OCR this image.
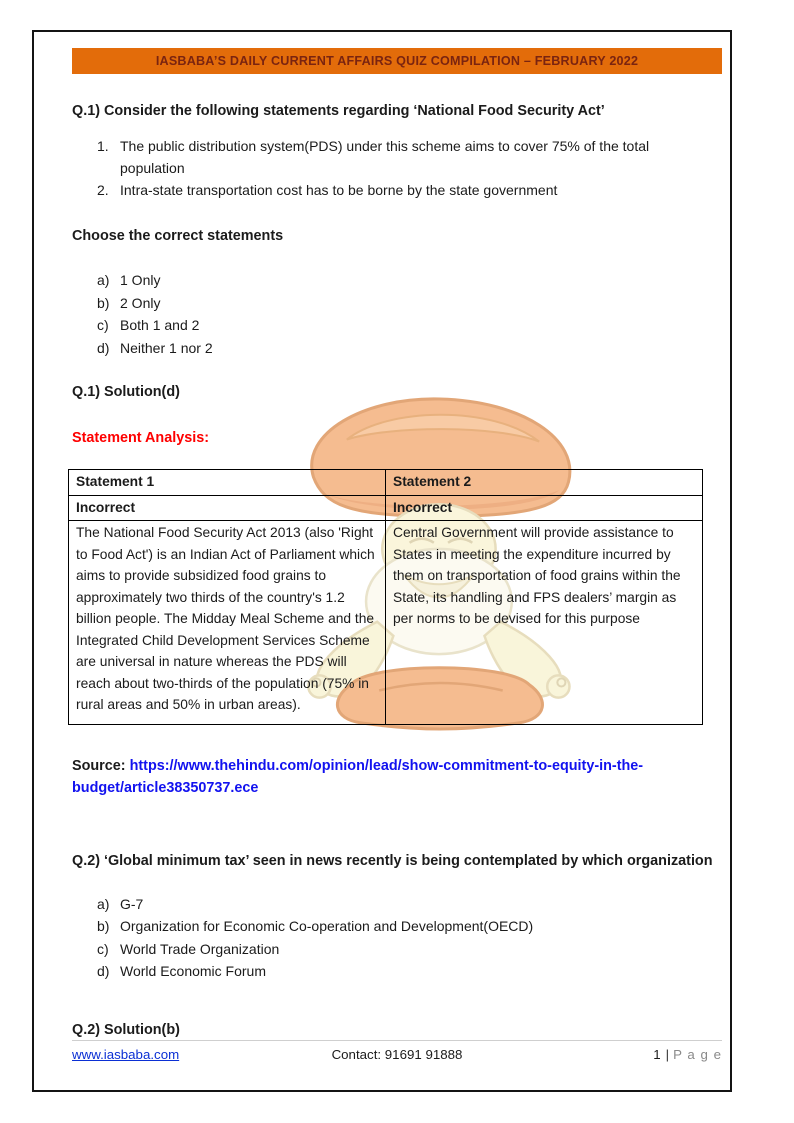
IASBABA’S DAILY CURRENT AFFAIRS QUIZ COMPILATION – FEBRUARY 2022
Q.1) Consider the following statements regarding ‘National Food Security Act’
1. The public distribution system(PDS) under this scheme aims to cover 75% of the total population
2. Intra-state transportation cost has to be borne by the state government
Choose the correct statements
a) 1 Only
b) 2 Only
c) Both 1 and 2
d) Neither 1 nor 2
Q.1) Solution(d)
Statement Analysis:
Statement 1	Statement 2
Incorrect	Incorrect
The National Food Security Act 2013 (also 'Right to Food Act') is an Indian Act of Parliament which aims to provide subsidized food grains to approximately two thirds of the country's 1.2 billion people. The Midday Meal Scheme and the Integrated Child Development Services Scheme are universal in nature whereas the PDS will reach about two-thirds of the population (75% in rural areas and 50% in urban areas).	Central Government will provide assistance to States in meeting the expenditure incurred by them on transportation of food grains within the State, its handling and FPS dealers’ margin as per norms to be devised for this purpose
Source: https://www.thehindu.com/opinion/lead/show-commitment-to-equity-in-the-
budget/article38350737.ece
Q.2) ‘Global minimum tax’ seen in news recently is being contemplated by which organization
a) G-7
b) Organization for Economic Co-operation and Development(OECD)
c) World Trade Organization
d) World Economic Forum
Q.2) Solution(b)
www.iasbaba.com	Contact: 91691 91888	1 | P a g e
